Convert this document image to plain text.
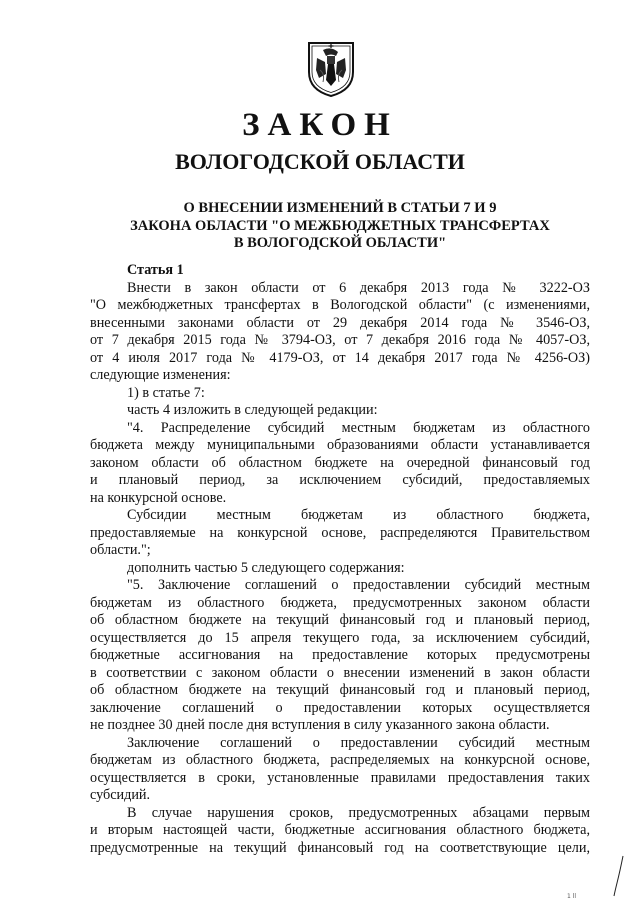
ЗАКОН
ВОЛОГОДСКОЙ ОБЛАСТИ
О ВНЕСЕНИИ ИЗМЕНЕНИЙ В СТАТЬИ 7 И 9
ЗАКОНА ОБЛАСТИ "О МЕЖБЮДЖЕТНЫХ ТРАНСФЕРТАХ
В ВОЛОГОДСКОЙ ОБЛАСТИ"
Статья 1
Внести в закон области от 6 декабря 2013 года № 3222-ОЗ
"О межбюджетных трансфертах в Вологодской области" (с изменениями,
внесенными законами области от 29 декабря 2014 года № 3546-ОЗ,
от 7 декабря 2015 года № 3794-ОЗ, от 7 декабря 2016 года № 4057-ОЗ,
от 4 июля 2017 года № 4179-ОЗ, от 14 декабря 2017 года № 4256-ОЗ)
следующие изменения:
1) в статье 7:
часть 4 изложить в следующей редакции:
"4. Распределение субсидий местным бюджетам из областного
бюджета между муниципальными образованиями области устанавливается
законом области об областном бюджете на очередной финансовый год
и плановый период, за исключением субсидий, предоставляемых
на конкурсной основе.
Субсидии местным бюджетам из областного бюджета,
предоставляемые на конкурсной основе, распределяются Правительством
области.";
дополнить частью 5 следующего содержания:
"5. Заключение соглашений о предоставлении субсидий местным
бюджетам из областного бюджета, предусмотренных законом области
об областном бюджете на текущий финансовый год и плановый период,
осуществляется до 15 апреля текущего года, за исключением субсидий,
бюджетные ассигнования на предоставление которых предусмотрены
в соответствии с законом области о внесении изменений в закон области
об областном бюджете на текущий финансовый год и плановый период,
заключение соглашений о предоставлении которых осуществляется
не позднее 30 дней после дня вступления в силу указанного закона области.
Заключение соглашений о предоставлении субсидий местным
бюджетам из областного бюджета, распределяемых на конкурсной основе,
осуществляется в сроки, установленные правилами предоставления таких
субсидий.
В случае нарушения сроков, предусмотренных абзацами первым
и вторым настоящей части, бюджетные ассигнования областного бюджета,
предусмотренные на текущий финансовый год на соответствующие цели,
1 ll
